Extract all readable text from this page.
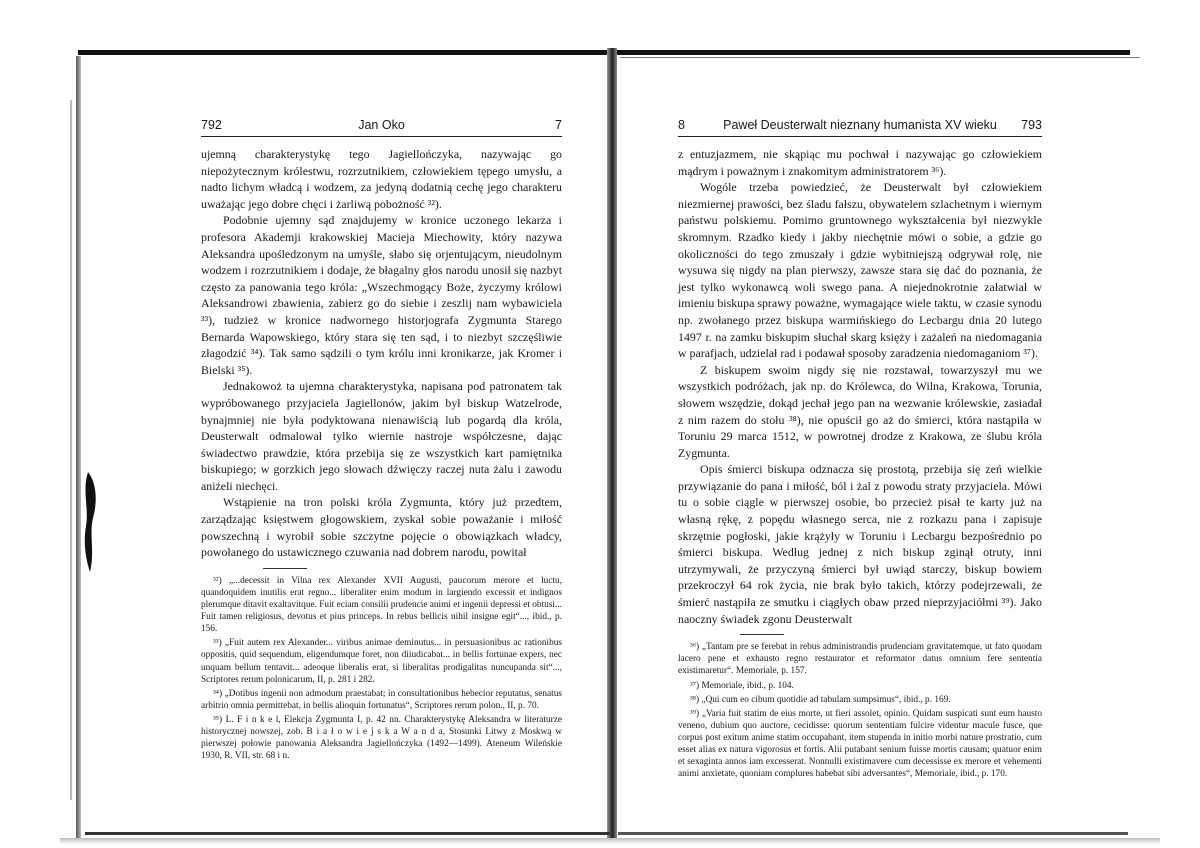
792	Jan Oko	7

ujemną charakterystykę tego Jagiellończyka, nazywając go niepożytecznym królestwu, rozrzutnikiem, człowiekiem tępego umysłu, a nadto lichym władcą i wodzem, za jedyną dodatnią cechę jego charakteru uważając jego dobre chęci i żarliwą pobożność ³²).

Podobnie ujemny sąd znajdujemy w kronice uczonego lekarza i profesora Akademji krakowskiej Macieja Miechowity, który nazywa Aleksandra upośledzonym na umyśle, słabo się orjentującym, nieudolnym wodzem i rozrzutnikiem i dodaje, że błagalny głos narodu unosił się nazbyt często za panowania tego króla: „Wszechmogący Boże, życzymy królowi Aleksandrowi zbawienia, zabierz go do siebie i zeszlij nam wybawiciela ³³), tudzież w kronice nadwornego historjografa Zygmunta Starego Bernarda Wapowskiego, który stara się ten sąd, i to niezbyt szczęśliwie złagodzić ³⁴). Tak samo sądzili o tym królu inni kronikarze, jak Kromer i Bielski ³⁵).

Jednakowoż ta ujemna charakterystyka, napisana pod patronatem tak wypróbowanego przyjaciela Jagiellonów, jakim był biskup Watzelrode, bynajmniej nie była podyktowana nienawiścią lub pogardą dla króla, Deusterwalt odmalował tylko wiernie nastroje współczesne, dając świadectwo prawdzie, która przebija się ze wszystkich kart pamiętnika biskupiego; w gorzkich jego słowach dźwięczy raczej nuta żalu i zawodu aniżeli niechęci.

Wstąpienie na tron polski króla Zygmunta, który już przedtem, zarządzając księstwem głogowskiem, zyskał sobie poważanie i miłość powszechną i wyrobił sobie szczytne pojęcie o obowiązkach władcy, powołanego do ustawicznego czuwania nad dobrem narodu, powitał

³²) „...decessit in Vilna rex Alexander XVII Augusti, paucorum merore et luctu, quandoquidem inutilis erat regno... liberaliter enim modum in largiendo excessit et indignos plerumque ditavit exaltavitque. Fuit eciam consilii prudencie animi et ingenii depressi et obtusi... Fuit tamen religiosus, devotus et pius princeps. In rebus bellicis nihil insigne egit“..., ibid., p. 156.

³³) „Fuit autem rex Alexander... viribus animae deminutus... in persuasionibus ac rationibus oppositis, quid sequendum, eligendumque foret, non diiudicabat... in bellis fortunae expers, nec unquam bellum tentavit... adeoque liberalis erat, si liberalitas prodigalitas nuncupanda sit“..., Scriptores rerum polonicarum, II, p. 281 i 282.

³⁴) „Dotibus ingenii non admodum praestabat; in consultationibus hebecior reputatus, senatus arbitrio omnia permittebat, in bellis alioquin fortunatus“, Scriptores rerum polon., II, p. 70.

³⁵) L. F i n k e l, Elekcja Zygmunta I, p. 42 nn. Charakterystykę Aleksandra w literaturze historycznej nowszej, zob. B i a ł o w i e j s k a W a n d a, Stosunki Litwy z Moskwą w pierwszej połowie panowania Aleksandra Jagiellończyka (1492—1499). Ateneum Wileńskie 1930, R. VII, str. 68 i n.

8	Paweł Deusterwalt nieznany humanista XV wieku	793

z entuzjazmem, nie skąpiąc mu pochwał i nazywając go człowiekiem mądrym i poważnym i znakomitym administratorem ³⁶).

Wogóle trzeba powiedzieć, że Deusterwalt był człowiekiem niezmiernej prawości, bez śladu fałszu, obywatelem szlachetnym i wiernym państwu polskiemu. Pomimo gruntownego wykształcenia był niezwykle skromnym. Rzadko kiedy i jakby niechętnie mówi o sobie, a gdzie go okoliczności do tego zmuszały i gdzie wybitniejszą odgrywał rolę, nie wysuwa się nigdy na plan pierwszy, zawsze stara się dać do poznania, że jest tylko wykonawcą woli swego pana. A niejednokrotnie załatwiał w imieniu biskupa sprawy poważne, wymagające wiele taktu, w czasie synodu np. zwołanego przez biskupa warmińskiego do Lecbargu dnia 20 lutego 1497 r. na zamku biskupim słuchał skarg księży i zażaleń na niedomagania w parafjach, udzielał rad i podawał sposoby zaradzenia niedomaganiom ³⁷).

Z biskupem swoim nigdy się nie rozstawał, towarzyszył mu we wszystkich podróżach, jak np. do Królewca, do Wilna, Krakowa, Torunia, słowem wszędzie, dokąd jechał jego pan na wezwanie królewskie, zasiadał z nim razem do stołu ³⁸), nie opuścił go aż do śmierci, która nastąpiła w Toruniu 29 marca 1512, w powrotnej drodze z Krakowa, ze ślubu króla Zygmunta.

Opis śmierci biskupa odznacza się prostotą, przebija się zeń wielkie przywiązanie do pana i miłość, ból i żal z powodu straty przyjaciela. Mówi tu o sobie ciągle w pierwszej osobie, bo przecież pisał te karty już na własną rękę, z popędu własnego serca, nie z rozkazu pana i zapisuje skrzętnie pogłoski, jakie krążyły w Toruniu i Lecbargu bezpośrednio po śmierci biskupa. Według jednej z nich biskup zginął otruty, inni utrzymywali, że przyczyną śmierci był uwiąd starczy, biskup bowiem przekroczył 64 rok życia, nie brak było takich, którzy podejrzewali, że śmierć nastąpiła ze smutku i ciągłych obaw przed nieprzyjaciółmi ³⁹). Jako naoczny świadek zgonu Deusterwalt

³⁶) „Tantam pre se ferebat in rebus administrandis prudenciam gravitatemque, ut fato quodam lacero pene et exhausto regno restaurator et reformator datus omnium fere sententia existimaretur“. Memoriale, p. 157.

³⁷) Memoriale, ibid., p. 104.

³⁸) „Qui cum eo cibum quotidie ad tabulam sumpsimus“, ibid., p. 169.

³⁹) „Varia fuit statim de eius morte, ut fieri assolet, opinio. Quidam suspicati sunt eum hausto veneno, dubium quo auctore, cecidisse: quorum sententiam fulcire videntur macule fusce, que corpus post exitum anime statim occupabant, item stupenda in initio morbi nature prostratio, cum esset alias ex natura vigorosus et fortis. Alii putabant senium fuisse mortis causam; quatuor enim et sexaginta annos iam excesserat. Nonnulli existimavere cum decessisse ex merore et vehementi animi anxietate, quoniam complures habebat sibi adversantes“, Memoriale, ibid., p. 170.
